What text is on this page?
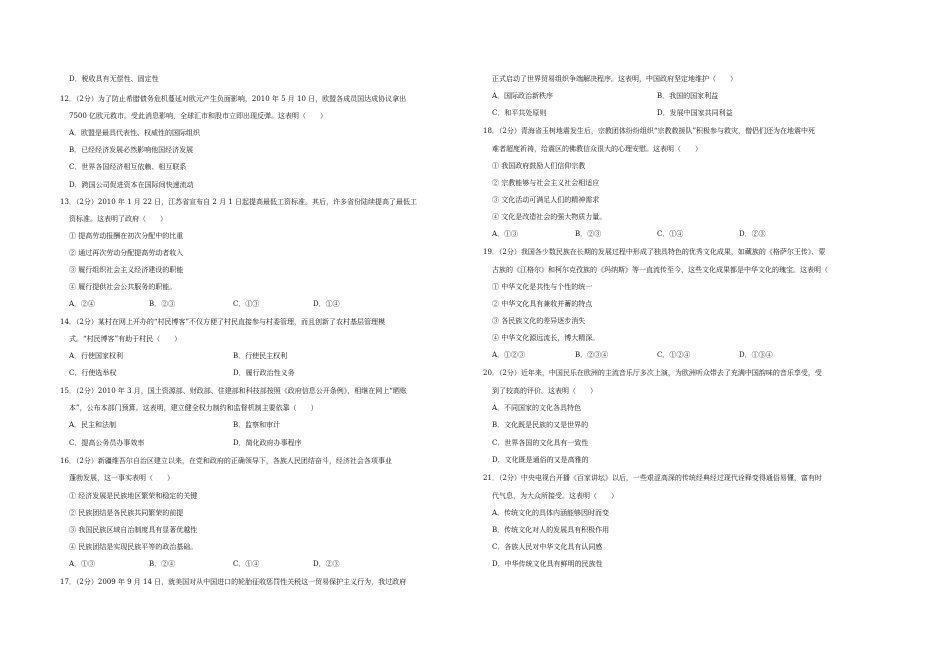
D．税收具有无偿性、固定性
12．（2分）为了防止希腊债务危机蔓延对欧元产生负面影响，2010 年 5 月 10 日，欧盟各成员国达成协议拿出
7500 亿欧元救市。受此消息影响，全球汇市和股市立即出现反弹。这表明（　　）
A．欧盟是最具代表性、权威性的国际组织
B．已经经济发展必然影响他国经济发展
C．世界各国经济相互依赖、相互联系
D．跨国公司促进资本在国际间快速流动
13．（2分）2010 年 1 月 22 日，江苏省宣布自 2 月 1 日起提高最低工资标准。其后，许多省份陆续提高了最低工
资标准。这表明了政府（　　）
① 提高劳动报酬在初次分配中的比重
② 通过再次劳动分配提高劳动者收入
③ 履行组织社会主义经济建设的职能
④ 履行提供社会公共服务的职能。
A．②④	B．②③	C．①③	D．①④
14．（2分）某村在网上开办的“村民博客”不仅方便了村民直接参与村委管理，而且创新了农村基层管理模
式。“村民博客”有助于村民（　　）
A．行使国家权利	B．行使民主权利
C．行使选举权	D．履行政治性义务
15．（2分）2010 年 3 月，国土资源部、财政部、住建部和科技部按照《政府信息公开条例》，相继在网上“晒账
本”，公布本部门预算。这表明，建立健全权力制约和监督机制主要依靠（　　）
A．民主和法制	B．监察和审计
C．提高公务员办事效率	D．简化政府办事程序
16．（2分）新疆维吾尔自治区建立以来，在党和政府的正确领导下，各族人民团结奋斗，经济社会各项事业
蓬勃发展，这一事实表明（　　）
① 经济发展是民族地区繁荣和稳定的关键
② 民族团结是各民族共同繁荣的前提
③ 我国民族区域自治制度具有显著优越性
④ 民族团结是实现民族平等的政治基础。
A．①③	B．②④	C．①④	D．②③
17．（2分）2009 年 9 月 14 日，就美国对从中国进口的轮胎征收惩罚性关税这一贸易保护主义行为，我过政府
正式启动了世界贸易组织争端解决程序。这表明，中国政府坚定地维护（　　）
A．国际政治新秩序	B．我国的国家利益
C．和平共处原则	D．发展中国家共同利益
18．（2分）青海省玉树地震发生后，宗教团体纷纷组织“宗教救援队”积极参与救灾，僧侣们还为在地震中死
难者超度祈祷，给震区的佛教信众很大的心理安慰。这表明（　　）
① 我国政府鼓励人们信仰宗教
② 宗教能够与社会主义社会相适应
③ 文化活动可满足人们的精神需求
④ 文化是改造社会的强大物质力量。
A．①③	B．②③	C．①④	D．②③
19．（2分）我国各少数民族在长期的发展过程中形成了独具特色的优秀文化成果，如藏族的《格萨尔王传》、蒙
古族的《江格尔》和柯尔克孜族的《玛纳斯》等一直流传至今，这些文化成果都是中华文化的瑰宝。这表明（
① 中华文化是共性与个性的统一
② 中华文化具有兼收并蓄的特点
③ 各民族文化的差异逐步消失
④ 中华文化源远流长，博大精深。
A．①②③	B．②③④	C．①②④	D．①③④
20．（2分）近年来，中国民乐在欧洲的主流音乐厅多次上演，为欧洲听众带去了充满中国韵味的音乐享受，受
到了较高的评价。这表明（　　）
A．不同国家的文化各具特色
B．文化既是民族的又是世界的
C．世界各国的文化具有一致性
D．文化既是通俗的又是高雅的
21．（2分）中央电视台开播《百家讲坛》以后，一些艰涩高深的传统经典经过现代诠释变得通俗易懂，富有时
代气息，为大众所接受。这表明（　　）
A．传统文化的具体内涵能够因时而变
B．传统文化对人的发展具有积极作用
C．各族人民对中华文化具有认同感
D．中华传统文化具有鲜明的民族性
